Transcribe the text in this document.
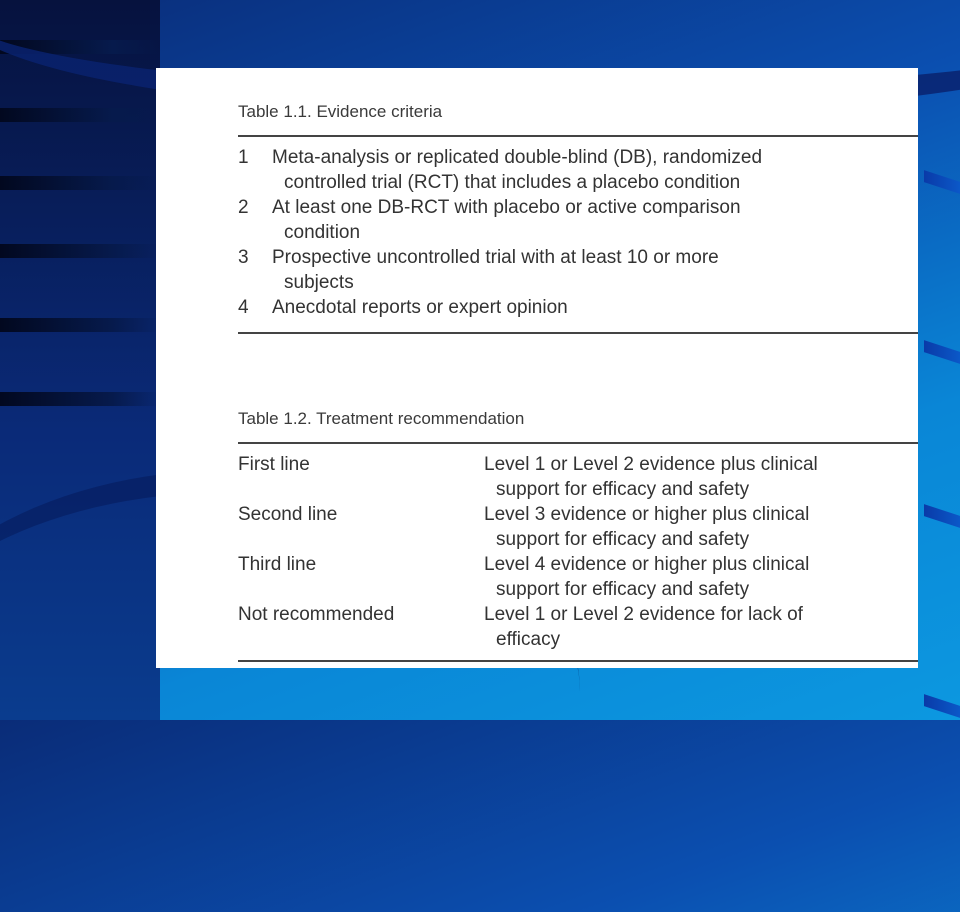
Table 1.1. Evidence criteria
1	Meta-analysis or replicated double-blind (DB), randomized
controlled trial (RCT) that includes a placebo condition
2	At least one DB-RCT with placebo or active comparison
condition
3	Prospective uncontrolled trial with at least 10 or more
subjects
4	Anecdotal reports or expert opinion
Table 1.2. Treatment recommendation
First line	Level 1 or Level 2 evidence plus clinical
support for efficacy and safety
Second line	Level 3 evidence or higher plus clinical
support for efficacy and safety
Third line	Level 4 evidence or higher plus clinical
support for efficacy and safety
Not recommended	Level 1 or Level 2 evidence for lack of
efficacy
